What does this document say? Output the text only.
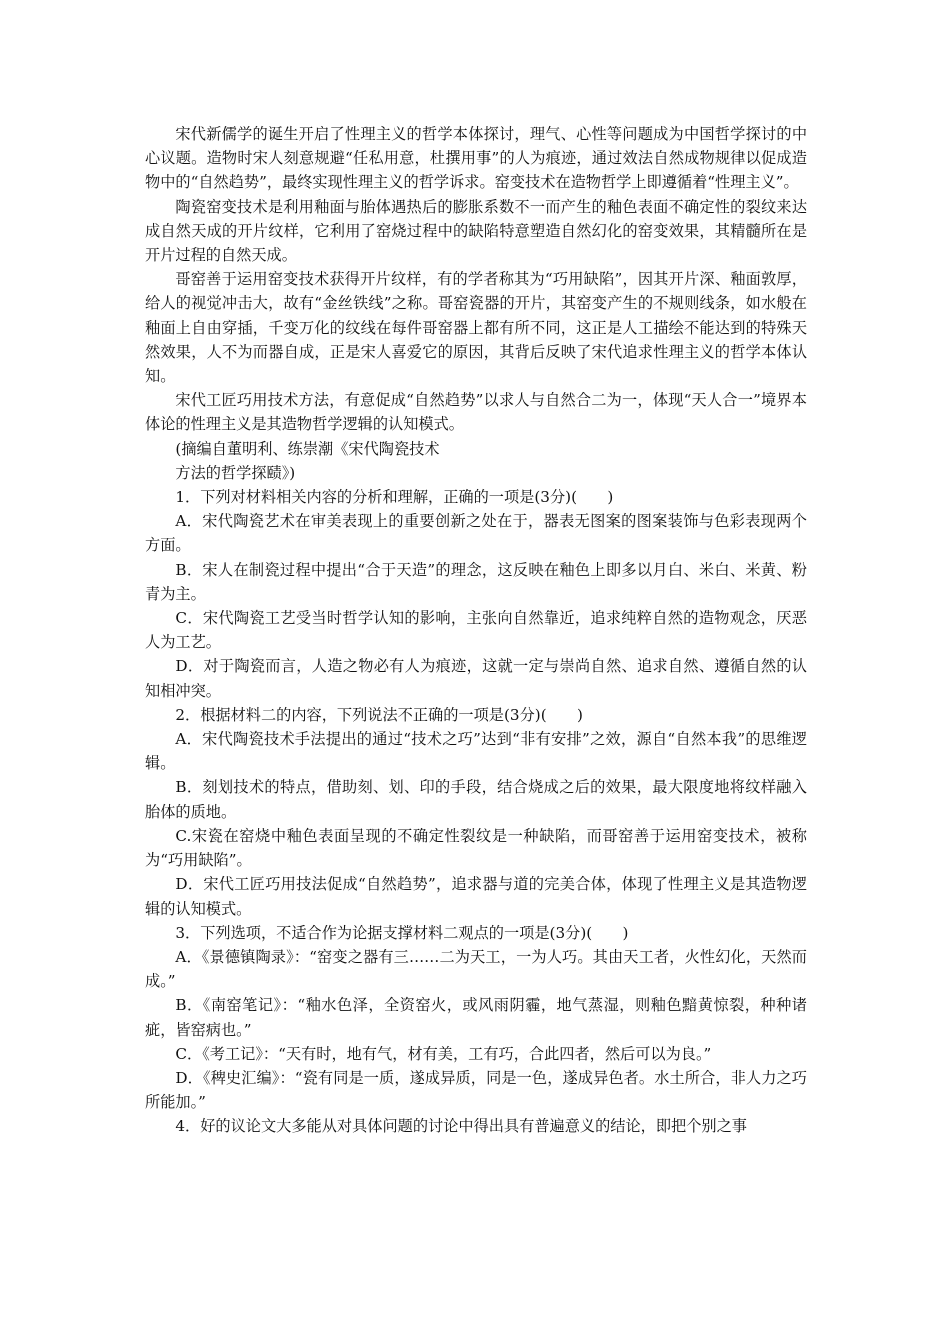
宋代新儒学的诞生开启了性理主义的哲学本体探讨，理气、心性等问题成为中国哲学探讨的中心议题。造物时宋人刻意规避“任私用意，杜撰用事”的人为痕迹，通过效法自然成物规律以促成造物中的“自然趋势”，最终实现性理主义的哲学诉求。窑变技术在造物哲学上即遵循着“性理主义”。

陶瓷窑变技术是利用釉面与胎体遇热后的膨胀系数不一而产生的釉色表面不确定性的裂纹来达成自然天成的开片纹样，它利用了窑烧过程中的缺陷特意塑造自然幻化的窑变效果，其精髓所在是开片过程的自然天成。

哥窑善于运用窑变技术获得开片纹样，有的学者称其为“巧用缺陷”，因其开片深、釉面敦厚，给人的视觉冲击大，故有“金丝铁线”之称。哥窑瓷器的开片，其窑变产生的不规则线条，如水般在釉面上自由穿插，千变万化的纹线在每件哥窑器上都有所不同，这正是人工描绘不能达到的特殊天然效果，人不为而器自成，正是宋人喜爱它的原因，其背后反映了宋代追求性理主义的哲学本体认知。

宋代工匠巧用技术方法，有意促成“自然趋势”以求人与自然合二为一，体现“天人合一”境界本体论的性理主义是其造物哲学逻辑的认知模式。

(摘编自董明利、练崇潮《宋代陶瓷技术

方法的哲学探赜》)

1．下列对材料相关内容的分析和理解，正确的一项是(3分)(　　)

A．宋代陶瓷艺术在审美表现上的重要创新之处在于，器表无图案的图案装饰与色彩表现两个方面。

B．宋人在制瓷过程中提出“合于天造”的理念，这反映在釉色上即多以月白、米白、米黄、粉青为主。

C．宋代陶瓷工艺受当时哲学认知的影响，主张向自然靠近，追求纯粹自然的造物观念，厌恶人为工艺。

D．对于陶瓷而言，人造之物必有人为痕迹，这就一定与崇尚自然、追求自然、遵循自然的认知相冲突。

2．根据材料二的内容，下列说法不正确的一项是(3分)(　　)

A．宋代陶瓷技术手法提出的通过“技术之巧”达到“非有安排”之效，源自“自然本我”的思维逻辑。

B．刻划技术的特点，借助刻、划、印的手段，结合烧成之后的效果，最大限度地将纹样融入胎体的质地。

C.宋瓷在窑烧中釉色表面呈现的不确定性裂纹是一种缺陷，而哥窑善于运用窑变技术，被称为“巧用缺陷”。

D．宋代工匠巧用技法促成“自然趋势”，追求器与道的完美合体，体现了性理主义是其造物逻辑的认知模式。

3．下列选项，不适合作为论据支撑材料二观点的一项是(3分)(　　)

A．《景德镇陶录》：“窑变之器有三……二为天工，一为人巧。其由天工者，火性幻化，天然而成。”

B．《南窑笔记》：“釉水色泽，全资窑火，或风雨阴霾，地气蒸湿，则釉色黯黄惊裂，种种诸疵，皆窑病也。”

C．《考工记》：“天有时，地有气，材有美，工有巧，合此四者，然后可以为良。”

D．《稗史汇编》：“瓷有同是一质，遂成异质，同是一色，遂成异色者。水土所合，非人力之巧所能加。”

4．好的议论文大多能从对具体问题的讨论中得出具有普遍意义的结论，即把个别之事
